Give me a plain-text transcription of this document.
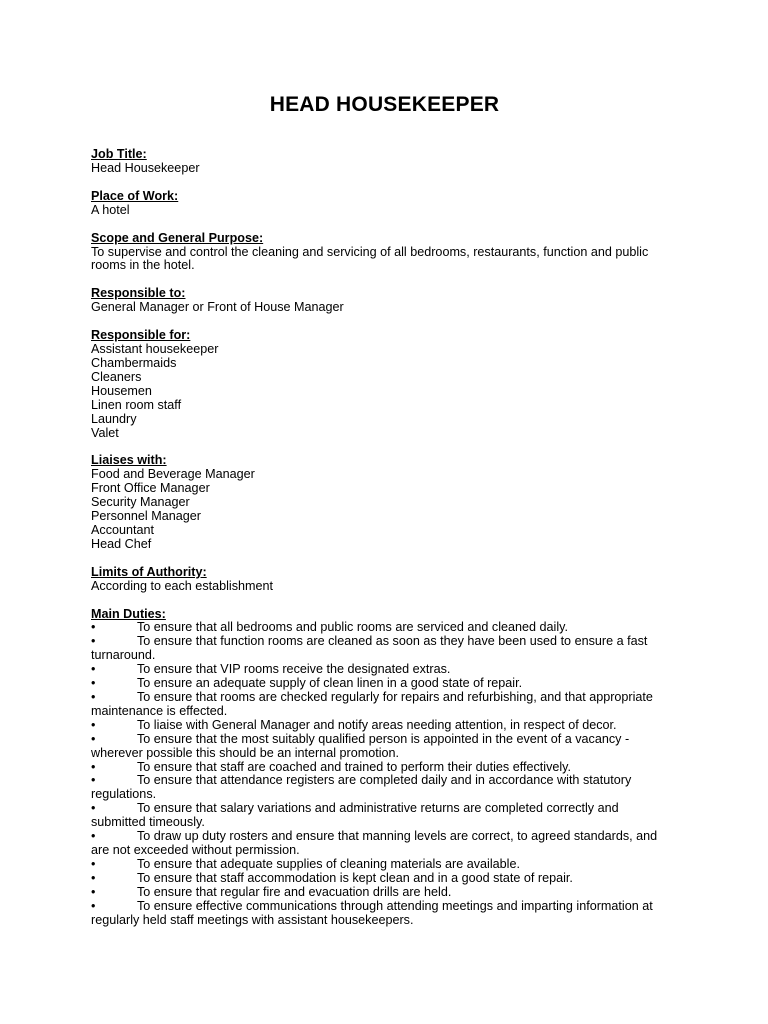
HEAD HOUSEKEEPER
Job Title:
Head Housekeeper
Place of Work:
A hotel
Scope and General Purpose:
To supervise and control the cleaning and servicing of all bedrooms, restaurants, function and public
rooms in the hotel.
Responsible to:
General Manager or Front of House Manager
Responsible for:
Assistant housekeeper
Chambermaids
Cleaners
Housemen
Linen room staff
Laundry
Valet
Liaises with:
Food and Beverage Manager
Front Office Manager
Security Manager
Personnel Manager
Accountant
Head Chef
Limits of Authority:
According to each establishment
Main Duties:
•	To ensure that all bedrooms and public rooms are serviced and cleaned daily.
•	To ensure that function rooms are cleaned as soon as they have been used to ensure a fast
turnaround.
•	To ensure that VIP rooms receive the designated extras.
•	To ensure an adequate supply of clean linen in a good state of repair.
•	To ensure that rooms are checked regularly for repairs and refurbishing, and that appropriate
maintenance is effected.
•	To liaise with General Manager and notify areas needing attention, in respect of decor.
•	To ensure that the most suitably qualified person is appointed in the event of a vacancy -
wherever possible this should be an internal promotion.
•	To ensure that staff are coached and trained to perform their duties effectively.
•	To ensure that attendance registers are completed daily and in accordance with statutory
regulations.
•	To ensure that salary variations and administrative returns are completed correctly and
submitted timeously.
•	To draw up duty rosters and ensure that manning levels are correct, to agreed standards, and
are not exceeded without permission.
•	To ensure that adequate supplies of cleaning materials are available.
•	To ensure that staff accommodation is kept clean and in a good state of repair.
•	To ensure that regular fire and evacuation drills are held.
•	To ensure effective communications through attending meetings and imparting information at
regularly held staff meetings with assistant housekeepers.
